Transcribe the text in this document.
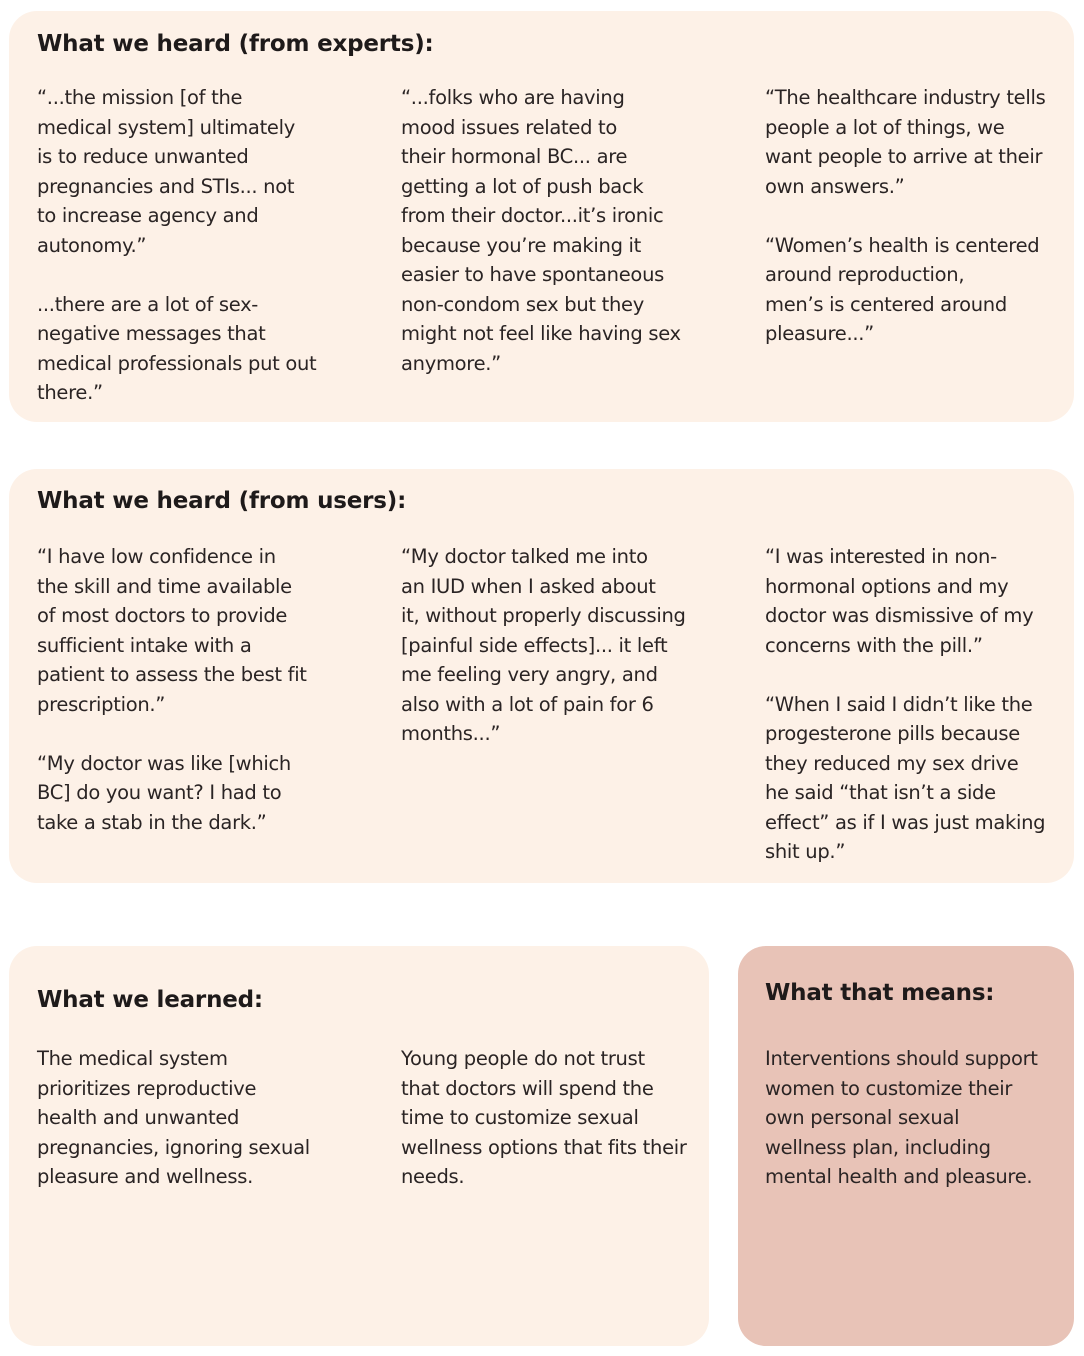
What we heard (from experts):

“...the mission [of the
medical system] ultimately
is to reduce unwanted
pregnancies and STIs... not
to increase agency and
autonomy.”

...there are a lot of sex-
negative messages that
medical professionals put out
there.”

“...folks who are having
mood issues related to
their hormonal BC... are
getting a lot of push back
from their doctor...it’s ironic
because you’re making it
easier to have spontaneous
non-condom sex but they
might not feel like having sex
anymore.”

“The healthcare industry tells
people a lot of things, we
want people to arrive at their
own answers.”

“Women’s health is centered
around reproduction,
men’s is centered around
pleasure...”

What we heard (from users):

“I have low confidence in
the skill and time available
of most doctors to provide
sufficient intake with a
patient to assess the best fit
prescription.”

“My doctor was like [which
BC] do you want? I had to
take a stab in the dark.”

“My doctor talked me into
an IUD when I asked about
it, without properly discussing
[painful side effects]... it left
me feeling very angry, and
also with a lot of pain for 6
months...”

“I was interested in non-
hormonal options and my
doctor was dismissive of my
concerns with the pill.”

“When I said I didn’t like the
progesterone pills because
they reduced my sex drive
he said “that isn’t a side
effect” as if I was just making
shit up.”

What we learned:

The medical system
prioritizes reproductive
health and unwanted
pregnancies, ignoring sexual
pleasure and wellness.

Young people do not trust
that doctors will spend the
time to customize sexual
wellness options that fits their
needs.

What that means:

Interventions should support
women to customize their
own personal sexual
wellness plan, including
mental health and pleasure.
